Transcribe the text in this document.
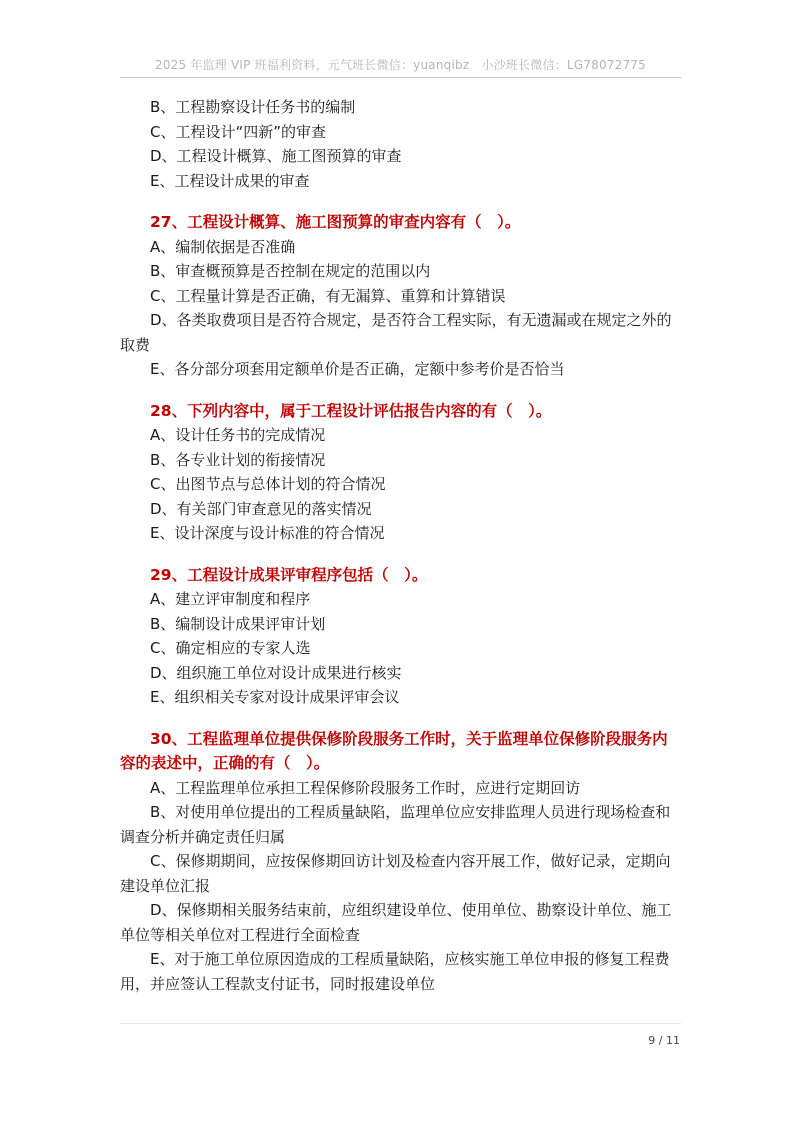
2025 年监理 VIP 班福利资料，元气班长微信：yuanqibz　小沙班长微信：LG78072775
B、工程勘察设计任务书的编制
C、工程设计“四新”的审查
D、工程设计概算、施工图预算的审查
E、工程设计成果的审查
27、工程设计概算、施工图预算的审查内容有（　）。
A、编制依据是否准确
B、审查概预算是否控制在规定的范围以内
C、工程量计算是否正确，有无漏算、重算和计算错误
D、各类取费项目是否符合规定，是否符合工程实际，有无遗漏或在规定之外的取费
E、各分部分项套用定额单价是否正确，定额中参考价是否恰当
28、下列内容中，属于工程设计评估报告内容的有（　）。
A、设计任务书的完成情况
B、各专业计划的衔接情况
C、出图节点与总体计划的符合情况
D、有关部门审查意见的落实情况
E、设计深度与设计标准的符合情况
29、工程设计成果评审程序包括（　）。
A、建立评审制度和程序
B、编制设计成果评审计划
C、确定相应的专家人选
D、组织施工单位对设计成果进行核实
E、组织相关专家对设计成果评审会议
30、工程监理单位提供保修阶段服务工作时，关于监理单位保修阶段服务内容的表述中，正确的有（　）。
A、工程监理单位承担工程保修阶段服务工作时，应进行定期回访
B、对使用单位提出的工程质量缺陷，监理单位应安排监理人员进行现场检查和调查分析并确定责任归属
C、保修期期间，应按保修期回访计划及检查内容开展工作，做好记录，定期向建设单位汇报
D、保修期相关服务结束前，应组织建设单位、使用单位、勘察设计单位、施工单位等相关单位对工程进行全面检查
E、对于施工单位原因造成的工程质量缺陷，应核实施工单位申报的修复工程费用，并应签认工程款支付证书，同时报建设单位
9 / 11
